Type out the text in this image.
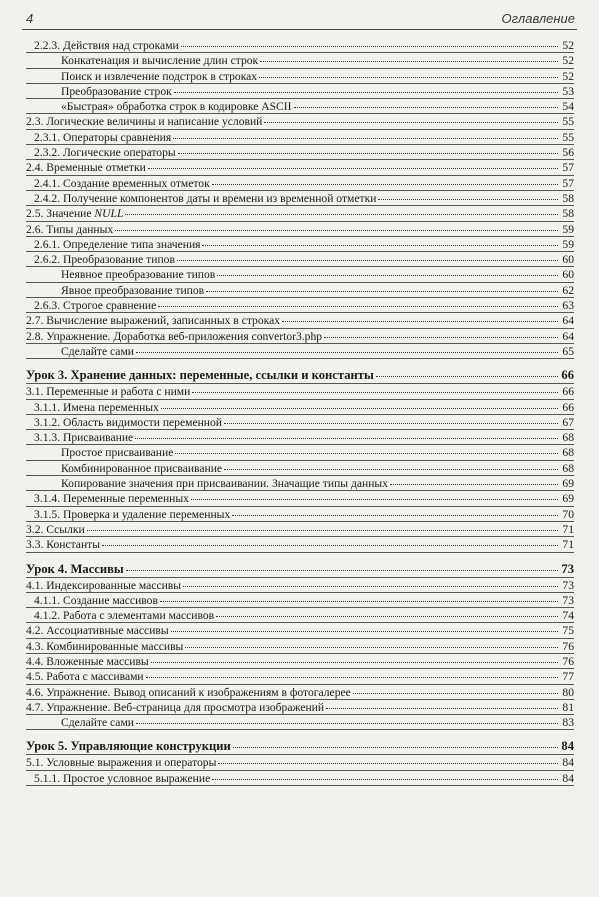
4	Оглавление
2.2.3. Действия над строками	52
Конкатенация и вычисление длин строк	52
Поиск и извлечение подстрок в строках	52
Преобразование строк	53
«Быстрая» обработка строк в кодировке ASCII	54
2.3. Логические величины и написание условий	55
2.3.1. Операторы сравнения	55
2.3.2. Логические операторы	56
2.4. Временные отметки	57
2.4.1. Создание временных отметок	57
2.4.2. Получение компонентов даты и времени из временной отметки	58
2.5. Значение NULL	58
2.6. Типы данных	59
2.6.1. Определение типа значения	59
2.6.2. Преобразование типов	60
Неявное преобразование типов	60
Явное преобразование типов	62
2.6.3. Строгое сравнение	63
2.7. Вычисление выражений, записанных в строках	64
2.8. Упражнение. Доработка веб-приложения convertor3.php	64
Сделайте сами	65
Урок 3. Хранение данных: переменные, ссылки и константы	66
3.1. Переменные и работа с ними	66
3.1.1. Имена переменных	66
3.1.2. Область видимости переменной	67
3.1.3. Присваивание	68
Простое присваивание	68
Комбинированное присваивание	68
Копирование значения при присваивании. Значащие типы данных	69
3.1.4. Переменные переменных	69
3.1.5. Проверка и удаление переменных	70
3.2. Ссылки	71
3.3. Константы	71
Урок 4. Массивы	73
4.1. Индексированные массивы	73
4.1.1. Создание массивов	73
4.1.2. Работа с элементами массивов	74
4.2. Ассоциативные массивы	75
4.3. Комбинированные массивы	76
4.4. Вложенные массивы	76
4.5. Работа с массивами	77
4.6. Упражнение. Вывод описаний к изображениям в фотогалерее	80
4.7. Упражнение. Веб-страница для просмотра изображений	81
Сделайте сами	83
Урок 5. Управляющие конструкции	84
5.1. Условные выражения и операторы	84
5.1.1. Простое условное выражение	84
